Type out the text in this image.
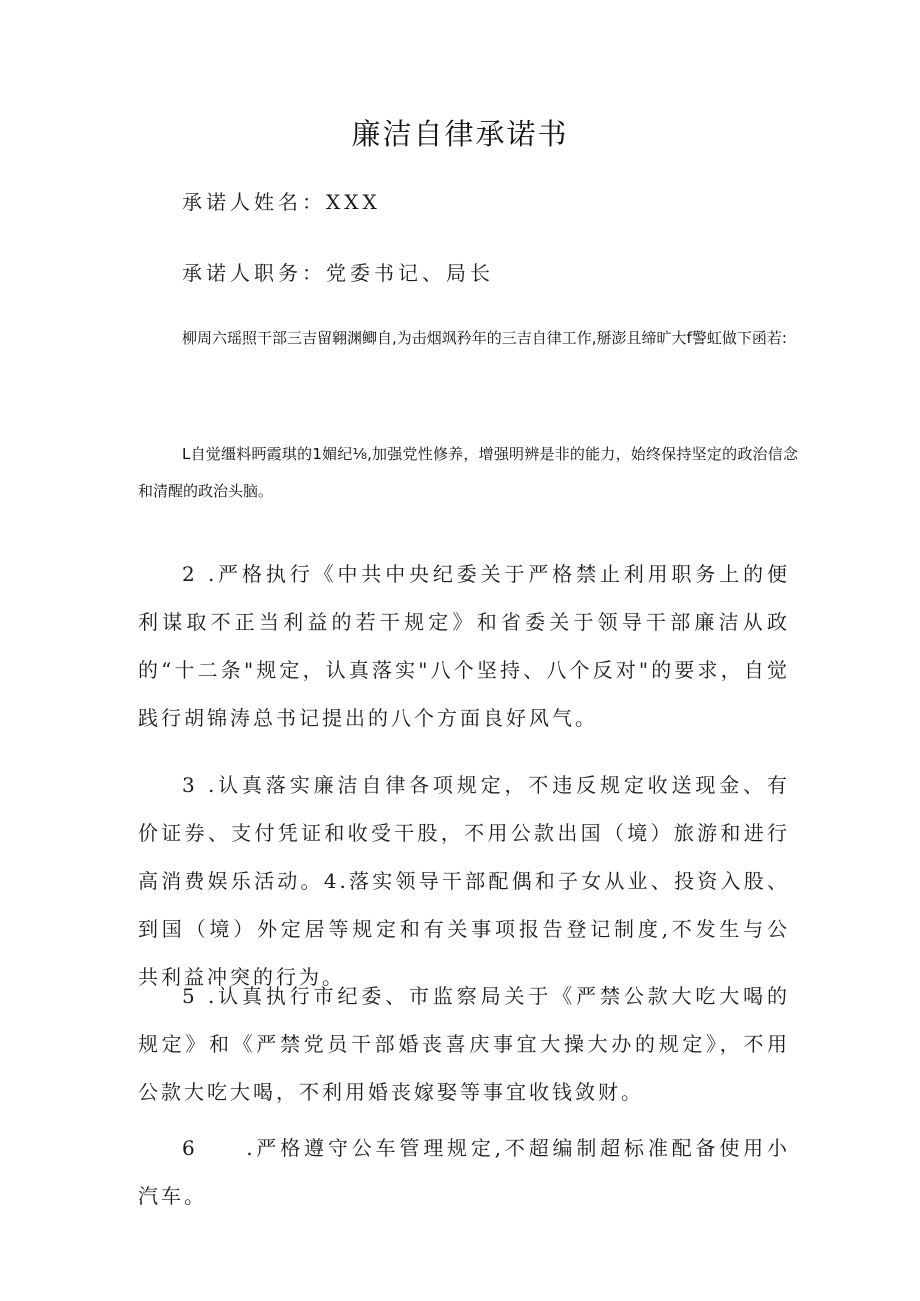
廉洁自律承诺书
承诺人姓名：XXX
承诺人职务：党委书记、局长

柳周六瑶照干部三吉留翱渊鲫自,为击烟飒矜年的三吉自律工作,掰澎且缔旷大f警虹做下函若:

L自觉缰料眄霞琪的1媚纪⅛,加强党性修养，增强明辨是非的能力，始终保持坚定的政治信念和清醒的政治头脑。

2 .严格执行《中共中央纪委关于严格禁止利用职务上的便利谋取不正当利益的若干规定》和省委关于领导干部廉洁从政的“十二条"规定，认真落实"八个坚持、八个反对"的要求，自觉践行胡锦涛总书记提出的八个方面良好风气。

3 .认真落实廉洁自律各项规定，不违反规定收送现金、有价证券、支付凭证和收受干股，不用公款出国（境）旅游和进行高消费娱乐活动。4.落实领导干部配偶和子女从业、投资入股、到国（境）外定居等规定和有关事项报告登记制度,不发生与公共利益冲突的行为。

5 .认真执行市纪委、市监察局关于《严禁公款大吃大喝的规定》和《严禁党员干部婚丧喜庆事宜大操大办的规定》，不用公款大吃大喝，不利用婚丧嫁娶等事宜收钱敛财。

6　　.严格遵守公车管理规定,不超编制超标准配备使用小汽车。
